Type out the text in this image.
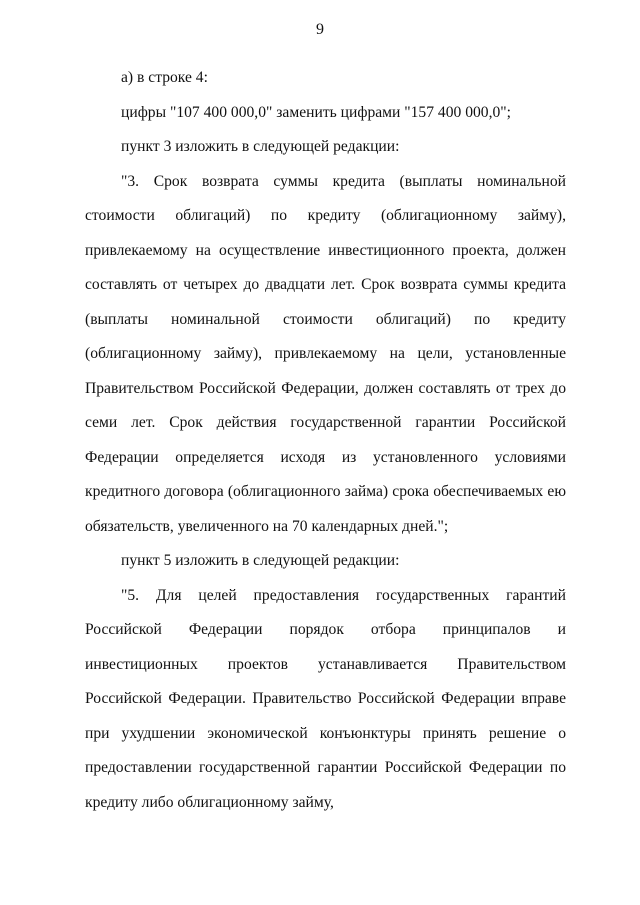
9

а) в строке 4:

цифры "107 400 000,0" заменить цифрами "157 400 000,0";

пункт 3 изложить в следующей редакции:

"3. Срок возврата суммы кредита (выплаты номинальной стоимости облигаций) по кредиту (облигационному займу), привлекаемому на осуществление инвестиционного проекта, должен составлять от четырех до двадцати лет. Срок возврата суммы кредита (выплаты номинальной стоимости облигаций) по кредиту (облигационному займу), привлекаемому на цели, установленные Правительством Российской Федерации, должен составлять от трех до семи лет. Срок действия государственной гарантии Российской Федерации определяется исходя из установленного условиями кредитного договора (облигационного займа) срока обеспечиваемых ею обязательств, увеличенного на 70 календарных дней.";

пункт 5 изложить в следующей редакции:

"5. Для целей предоставления государственных гарантий Российской Федерации порядок отбора принципалов и инвестиционных проектов устанавливается Правительством Российской Федерации. Правительство Российской Федерации вправе при ухудшении экономической конъюнктуры принять решение о предоставлении государственной гарантии Российской Федерации по кредиту либо облигационному займу,
